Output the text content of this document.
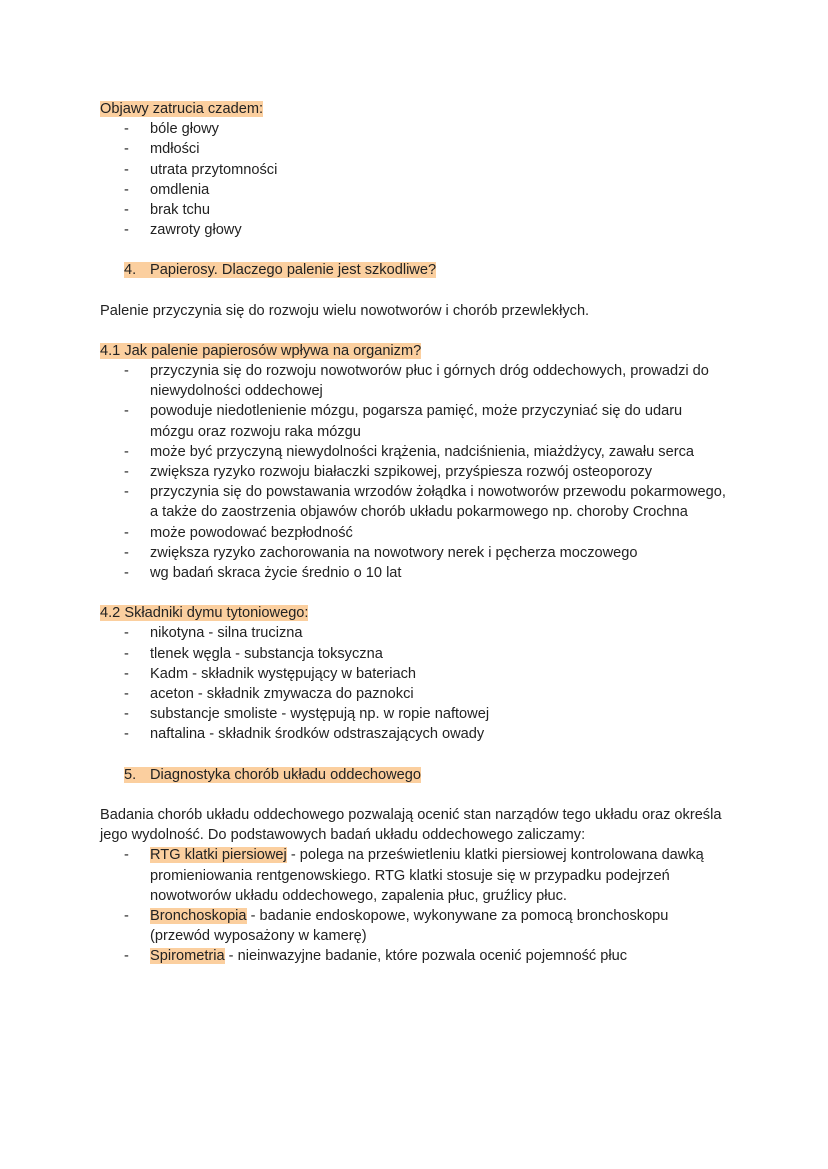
Objawy zatrucia czadem:

- bóle głowy
- mdłości
- utrata przytomności
- omdlenia
- brak tchu
- zawroty głowy

4. Papierosy. Dlaczego palenie jest szkodliwe?

Palenie przyczynia się do rozwoju wielu nowotworów i chorób przewlekłych.

4.1 Jak palenie papierosów wpływa na organizm?

- przyczynia się do rozwoju nowotworów płuc i górnych dróg oddechowych, prowadzi do niewydolności oddechowej
- powoduje niedotlenienie mózgu, pogarsza pamięć, może przyczyniać się do udaru mózgu oraz rozwoju raka mózgu
- może być przyczyną niewydolności krążenia, nadciśnienia, miażdżycy, zawału serca
- zwiększa ryzyko rozwoju białaczki szpikowej, przyśpiesza rozwój osteoporozy
- przyczynia się do powstawania wrzodów żołądka i nowotworów przewodu pokarmowego, a także do zaostrzenia objawów chorób układu pokarmowego np. choroby Crochna
- może powodować bezpłodność
- zwiększa ryzyko zachorowania na nowotwory nerek i pęcherza moczowego
- wg badań skraca życie średnio o 10 lat

4.2 Składniki dymu tytoniowego:

- nikotyna - silna trucizna
- tlenek węgla - substancja toksyczna
- Kadm - składnik występujący w bateriach
- aceton - składnik zmywacza do paznokci
- substancje smoliste - występują np. w ropie naftowej
- naftalina - składnik środków odstraszających owady

5. Diagnostyka chorób układu oddechowego

Badania chorób układu oddechowego pozwalają ocenić stan narządów tego układu oraz określa jego wydolność. Do podstawowych badań układu oddechowego zaliczamy:

- RTG klatki piersiowej - polega na prześwietleniu klatki piersiowej kontrolowana dawką promieniowania rentgenowskiego. RTG klatki stosuje się w przypadku podejrzeń nowotworów układu oddechowego, zapalenia płuc, gruźlicy płuc.
- Bronchoskopia - badanie endoskopowe, wykonywane za pomocą bronchoskopu (przewód wyposażony w kamerę)
- Spirometria - nieinwazyjne badanie, które pozwala ocenić pojemność płuc
